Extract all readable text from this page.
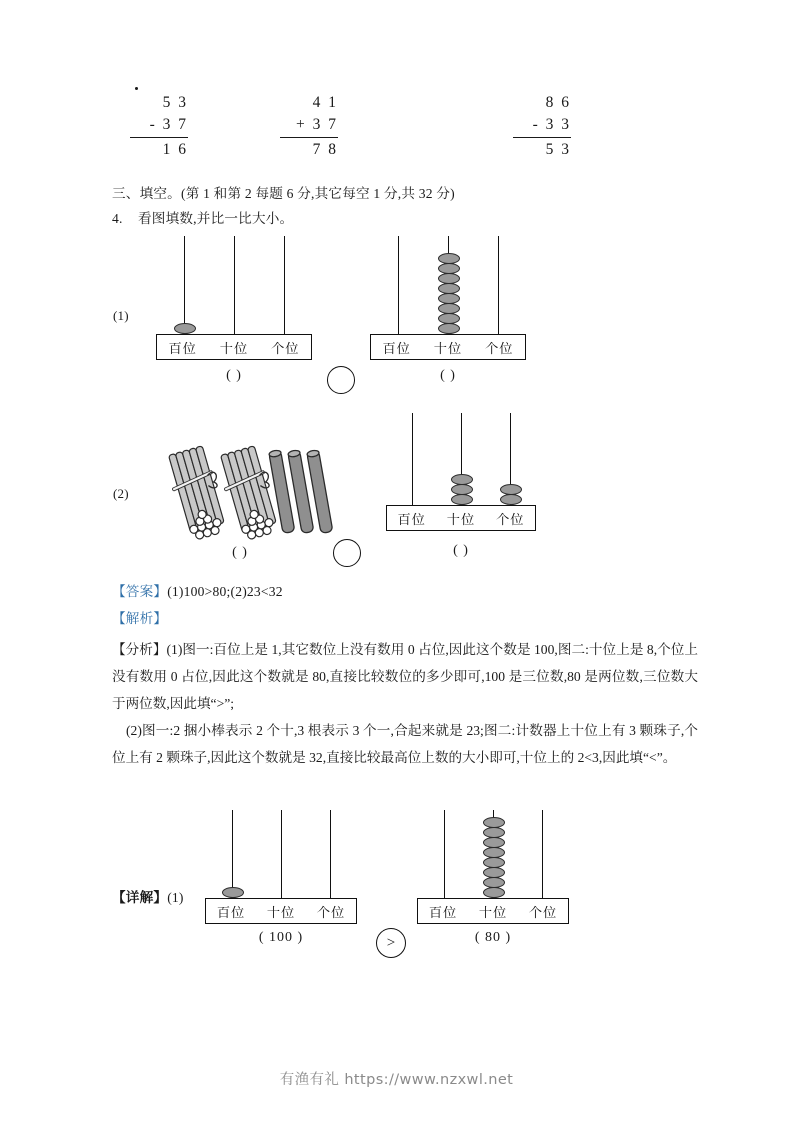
5 3
- 3 7
1 6
4 1
+ 3 7
7 8
8 6
- 3 3
5 3
三、填空。(第 1 和第 2 每题 6 分,其它每空 1 分,共 32 分)
4. 看图填数,并比一比大小。
(1)
百位 十位 个位
( )
百位 十位 个位
( )
(2)
( )
百位 十位 个位
( )
【答案】(1)100>80;(2)23<32
【解析】
【分析】(1)图一:百位上是 1,其它数位上没有数用 0 占位,因此这个数是 100,图二:十位上是 8,个位上没有数用 0 占位,因此这个数就是 80,直接比较数位的多少即可,100 是三位数,80 是两位数,三位数大于两位数,因此填“>”;
(2)图一:2 捆小棒表示 2 个十,3 根表示 3 个一,合起来就是 23;图二:计数器上十位上有 3 颗珠子,个位上有 2 颗珠子,因此这个数就是 32,直接比较最高位上数的大小即可,十位上的 2<3,因此填“<”。
【详解】(1)
百位 十位 个位
( 100 )	>
百位 十位 个位
( 80 )
有渔有礼 https://www.nzxwl.net
